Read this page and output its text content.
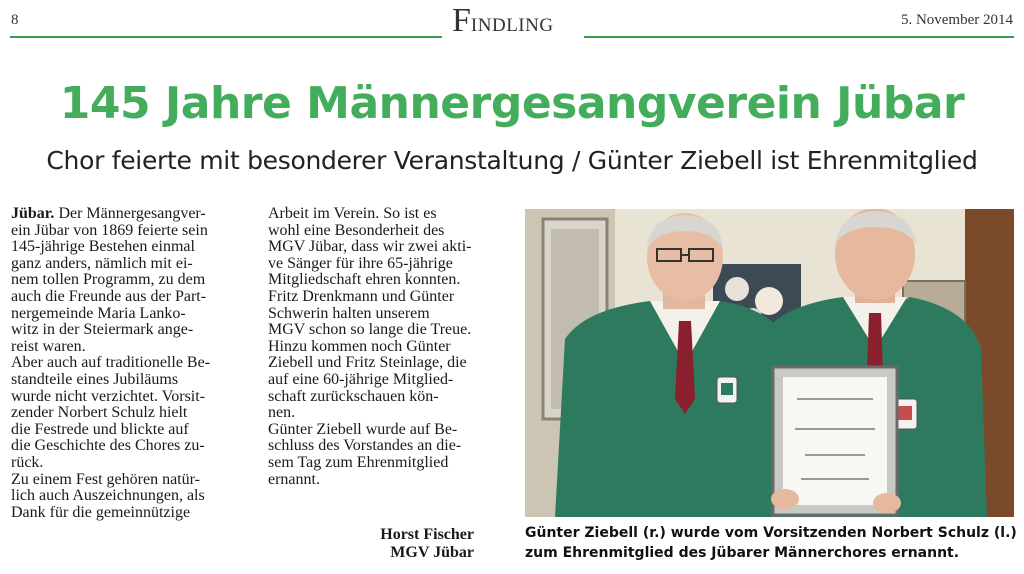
8	FINDLING	5. November 2014
145 Jahre Männergesangverein Jübar
Chor feierte mit besonderer Veranstaltung / Günter Ziebell ist Ehrenmitglied
Jübar. Der Männergesangver-
ein Jübar von 1869 feierte sein
145-jährige Bestehen einmal
ganz anders, nämlich mit ei-
nem tollen Programm, zu dem
auch die Freunde aus der Part-
nergemeinde Maria Lanko-
witz in der Steiermark ange-
reist waren.
Aber auch auf traditionelle Be-
standteile eines Jubiläums
wurde nicht verzichtet. Vorsit-
zender Norbert Schulz hielt
die Festrede und blickte auf
die Geschichte des Chores zu-
rück.
Zu einem Fest gehören natür-
lich auch Auszeichnungen, als
Dank für die gemeinnützige
Arbeit im Verein. So ist es
wohl eine Besonderheit des
MGV Jübar, dass wir zwei akti-
ve Sänger für ihre 65-jährige
Mitgliedschaft ehren konnten.
Fritz Drenkmann und Günter
Schwerin halten unserem
MGV schon so lange die Treue.
Hinzu kommen noch Günter
Ziebell und Fritz Steinlage, die
auf eine 60-jährige Mitglied-
schaft zurückschauen kön-
nen.
Günter Ziebell wurde auf Be-
schluss des Vorstandes an die-
sem Tag zum Ehrenmitglied
ernannt.
Horst Fischer
MGV Jübar
Günter Ziebell (r.) wurde vom Vorsitzenden Norbert Schulz (l.)
zum Ehrenmitglied des Jübarer Männerchores ernannt.
